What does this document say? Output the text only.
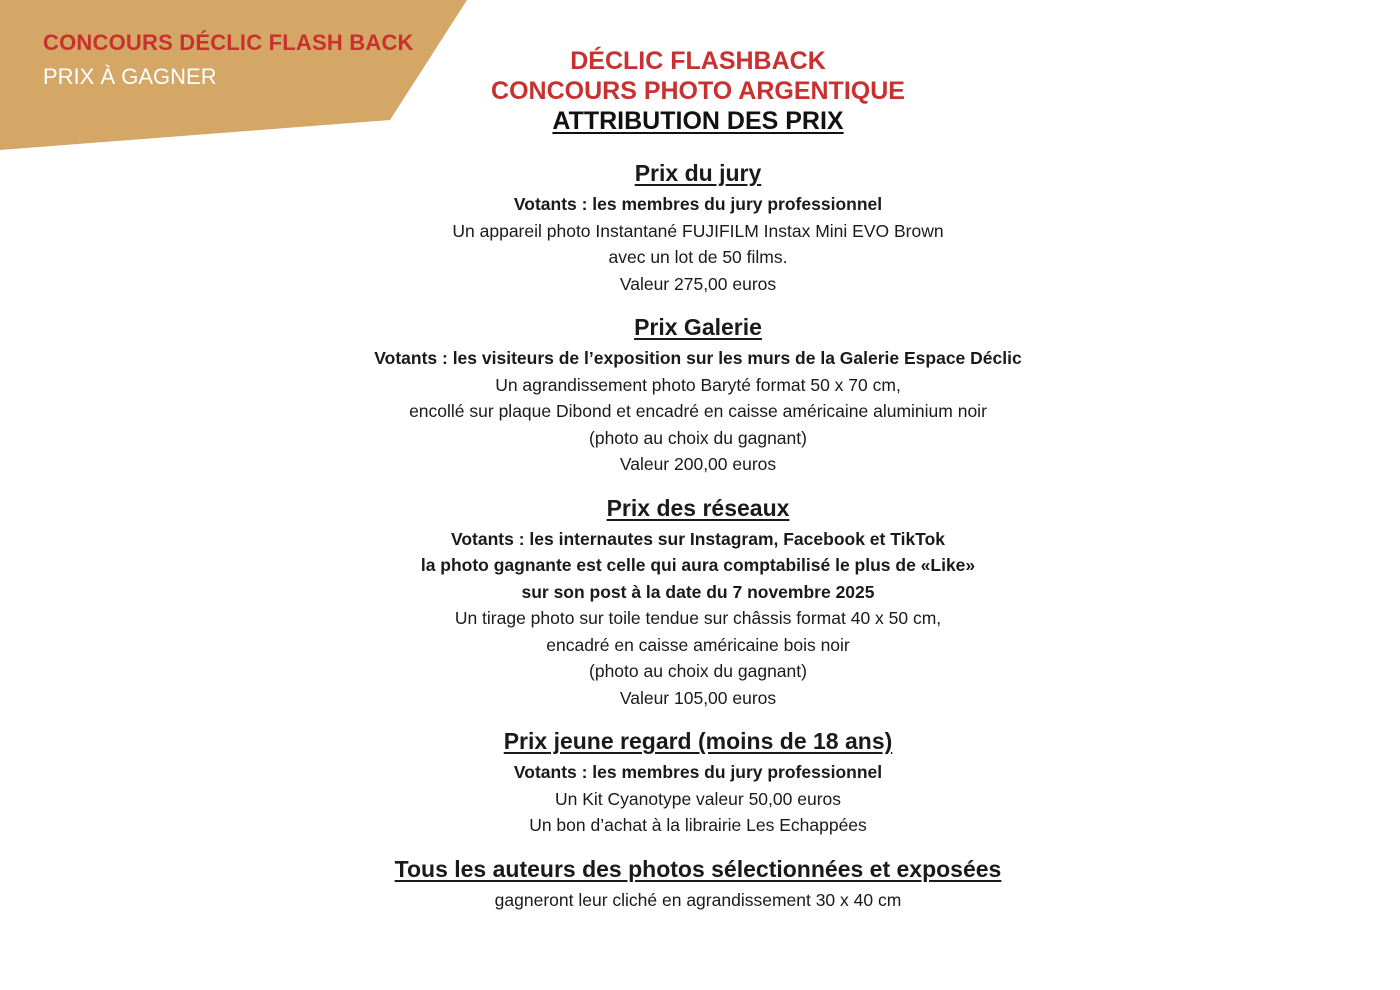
CONCOURS DÉCLIC FLASH BACK
PRIX À GAGNER
DÉCLIC FLASHBACK
CONCOURS PHOTO ARGENTIQUE
ATTRIBUTION DES PRIX
Prix du jury
Votants : les membres du jury professionnel
Un appareil photo Instantané FUJIFILM Instax Mini EVO Brown
avec un lot de 50 films.
Valeur 275,00 euros
Prix Galerie
Votants : les visiteurs de l’exposition sur les murs de la Galerie Espace Déclic
Un agrandissement photo Baryté format 50 x 70 cm,
encollé sur plaque Dibond et encadré en caisse américaine aluminium noir
(photo au choix du gagnant)
Valeur 200,00 euros
Prix des réseaux
Votants : les internautes sur Instagram, Facebook et TikTok
la photo gagnante est celle qui aura comptabilisé le plus de «Like»
sur son post à la date du 7 novembre 2025
Un tirage photo sur toile tendue sur châssis format 40 x 50 cm,
encadré en caisse américaine bois noir
(photo au choix du gagnant)
Valeur 105,00 euros
Prix jeune regard (moins de 18 ans)
Votants : les membres du jury professionnel
Un Kit Cyanotype valeur 50,00 euros
Un bon d’achat à la librairie Les Echappées
Tous les auteurs des photos sélectionnées et exposées
gagneront leur cliché en agrandissement 30 x 40 cm
